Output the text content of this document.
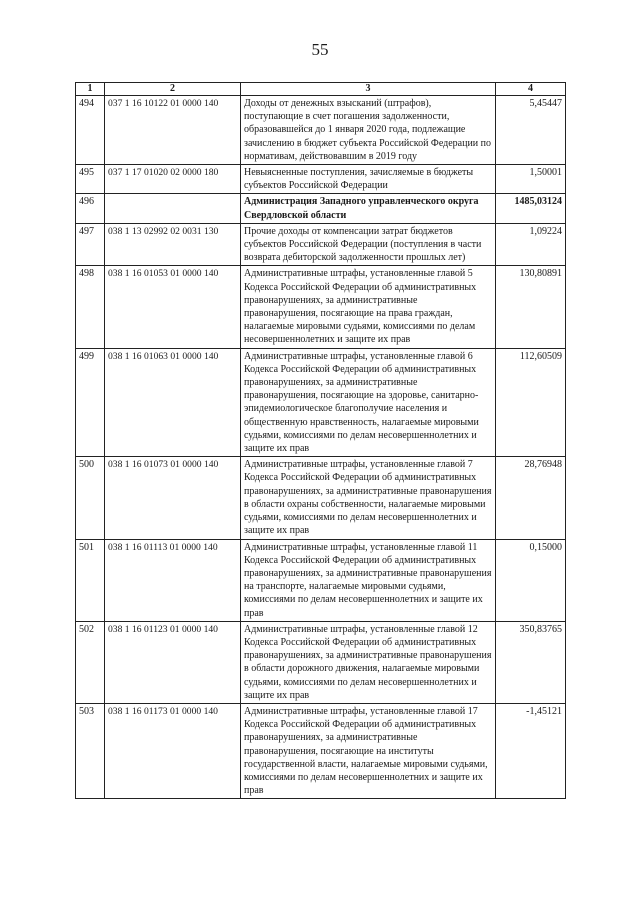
55
1	2	3	4
494	037 1 16 10122 01 0000 140	Доходы от денежных взысканий (штрафов), поступающие в счет погашения задолженности, образовавшейся до 1 января 2020 года, подлежащие зачислению в бюджет субъекта Российской Федерации по нормативам, действовавшим в 2019 году	5,45447
495	037 1 17 01020 02 0000 180	Невыясненные поступления, зачисляемые в бюджеты субъектов Российской Федерации	1,50001
496		Администрация Западного управленческого округа Свердловской области	1485,03124
497	038 1 13 02992 02 0031 130	Прочие доходы от компенсации затрат бюджетов субъектов Российской Федерации (поступления в части возврата дебиторской задолженности прошлых лет)	1,09224
498	038 1 16 01053 01 0000 140	Административные штрафы, установленные главой 5 Кодекса Российской Федерации об административных правонарушениях, за административные правонарушения, посягающие на права граждан, налагаемые мировыми судьями, комиссиями по делам несовершеннолетних и защите их прав	130,80891
499	038 1 16 01063 01 0000 140	Административные штрафы, установленные главой 6 Кодекса Российской Федерации об административных правонарушениях, за административные правонарушения, посягающие на здоровье, санитарно-эпидемиологическое благополучие населения и общественную нравственность, налагаемые мировыми судьями, комиссиями по делам несовершеннолетних и защите их прав	112,60509
500	038 1 16 01073 01 0000 140	Административные штрафы, установленные главой 7 Кодекса Российской Федерации об административных правонарушениях, за административные правонарушения в области охраны собственности, налагаемые мировыми судьями, комиссиями по делам несовершеннолетних и защите их прав	28,76948
501	038 1 16 01113 01 0000 140	Административные штрафы, установленные главой 11 Кодекса Российской Федерации об административных правонарушениях, за административные правонарушения на транспорте, налагаемые мировыми судьями, комиссиями по делам несовершеннолетних и защите их прав	0,15000
502	038 1 16 01123 01 0000 140	Административные штрафы, установленные главой 12 Кодекса Российской Федерации об административных правонарушениях, за административные правонарушения в области дорожного движения, налагаемые мировыми судьями, комиссиями по делам несовершеннолетних и защите их прав	350,83765
503	038 1 16 01173 01 0000 140	Административные штрафы, установленные главой 17 Кодекса Российской Федерации об административных правонарушениях, за административные правонарушения, посягающие на институты государственной власти, налагаемые мировыми судьями, комиссиями по делам несовершеннолетних и защите их прав	-1,45121
